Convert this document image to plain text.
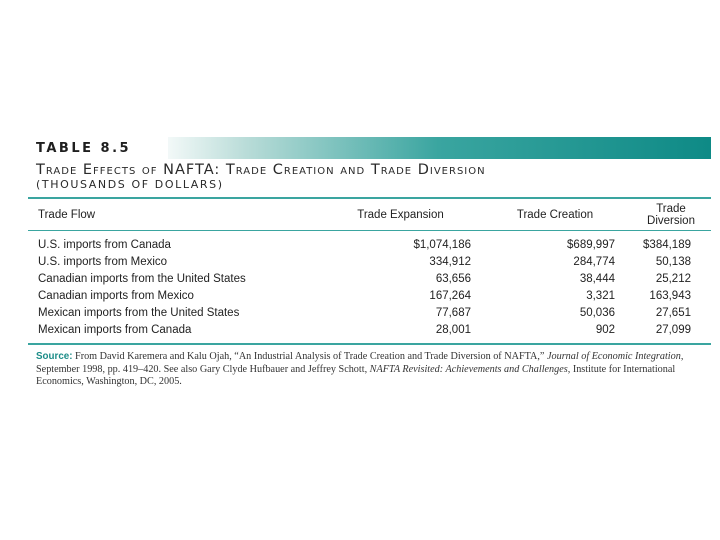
TABLE 8.5
Trade Effects of NAFTA: Trade Creation and Trade Diversion
(THOUSANDS OF DOLLARS)
Trade Flow	Trade Expansion	Trade Creation	Trade Diversion
U.S. imports from Canada	$1,074,186	$689,997	$384,189
U.S. imports from Mexico	334,912	284,774	50,138
Canadian imports from the United States	63,656	38,444	25,212
Canadian imports from Mexico	167,264	3,321	163,943
Mexican imports from the United States	77,687	50,036	27,651
Mexican imports from Canada	28,001	902	27,099
Source: From David Karemera and Kalu Ojah, “An Industrial Analysis of Trade Creation and Trade Diversion of NAFTA,” Journal of Economic Integration, September 1998, pp. 419–420. See also Gary Clyde Hufbauer and Jeffrey Schott, NAFTA Revisited: Achievements and Challenges, Institute for International Economics, Washington, DC, 2005.
